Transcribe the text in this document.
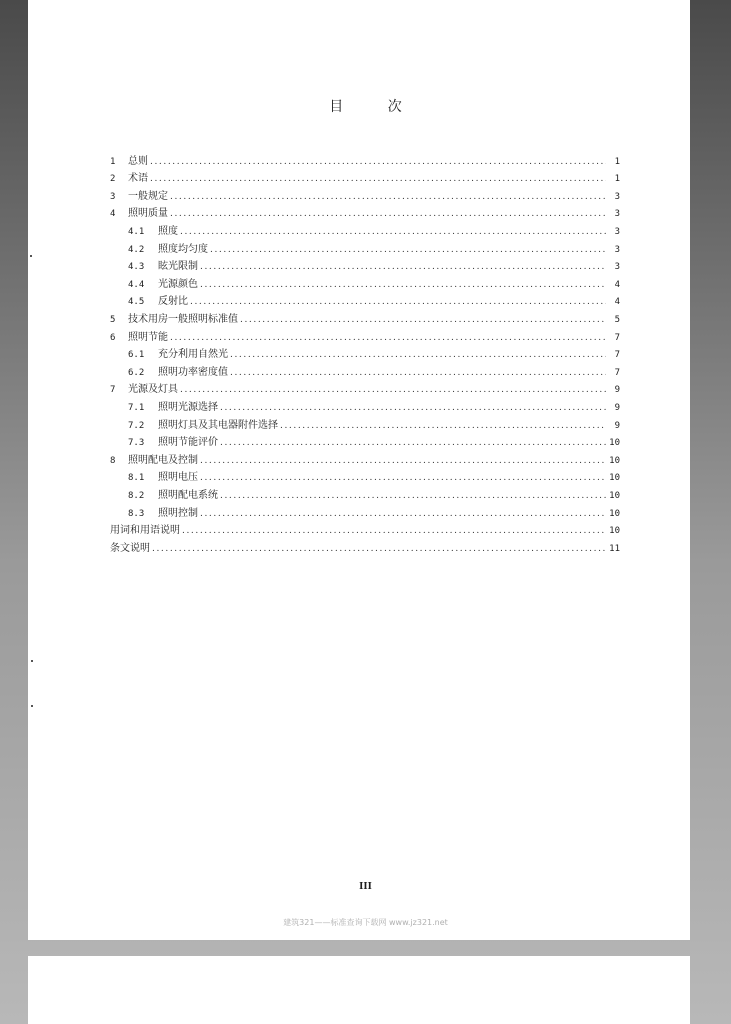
目	次
1	总则 .....	1
2	术语 .....	1
3	一般规定 .....	3
4	照明质量 .....	3
4.1	照度 .....	3
4.2	照度均匀度 .....	3
4.3	眩光限制 .....	3
4.4	光源颜色 .....	4
4.5	反射比 .....	4
5	技术用房一般照明标准值 .....	5
6	照明节能 .....	7
6.1	充分利用自然光 .....	7
6.2	照明功率密度值 .....	7
7	光源及灯具 .....	9
7.1	照明光源选择 .....	9
7.2	照明灯具及其电器附件选择 .....	9
7.3	照明节能评价 .....	10
8	照明配电及控制 .....	10
8.1	照明电压 .....	10
8.2	照明配电系统 .....	10
8.3	照明控制 .....	10
用词和用语说明 .....	10
条文说明 .....	11
III
建筑321——标准查询下载网 www.jz321.net
